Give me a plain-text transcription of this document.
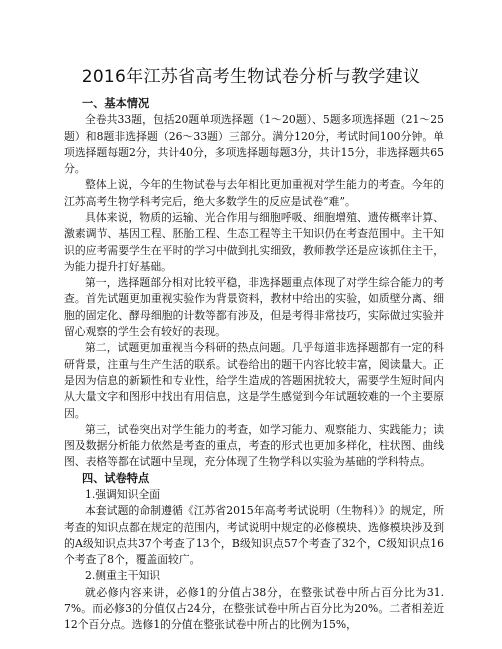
2016年江苏省高考生物试卷分析与教学建议

一、基本情况

全卷共33题，包括20题单项选择题（1～20题）、5题多项选择题（21～25题）和8题非选择题（26～33题）三部分。满分120分，考试时间100分钟。单项选择题每题2分，共计40分，多项选择题每题3分，共计15分，非选择题共65分。

整体上说，今年的生物试卷与去年相比更加重视对学生能力的考查。今年的江苏高考生物学科考完后，绝大多数学生的反应是试卷“难”。

具体来说，物质的运输、光合作用与细胞呼吸、细胞增殖、遗传概率计算、激素调节、基因工程、胚胎工程、生态工程等主干知识仍在考查范围中。主干知识的应考需要学生在平时的学习中做到扎实细致，教师教学还是应该抓住主干，为能力提升打好基础。

第一，选择题部分相对比较平稳，非选择题重点体现了对学生综合能力的考查。首先试题更加重视实验作为背景资料，教材中给出的实验，如质壁分离、细胞的固定化、酵母细胞的计数等都有涉及，但是考得非常技巧，实际做过实验并留心观察的学生会有较好的表现。

第二，试题更加重视当今科研的热点问题。几乎每道非选择题都有一定的科研背景，注重与生产生活的联系。试卷给出的题干内容比较丰富，阅读量大。正是因为信息的新颖性和专业性，给学生造成的答题困扰较大，需要学生短时间内从大量文字和图形中找出有用信息，这是学生感觉到今年试题较难的一个主要原因。

第三，试卷突出对学生能力的考查，如学习能力、观察能力、实践能力；读图及数据分析能力依然是考查的重点，考查的形式也更加多样化，柱状图、曲线图、表格等都在试题中呈现，充分体现了生物学科以实验为基础的学科特点。

四、试卷特点

1.强调知识全面

本套试题的命制遵循《江苏省2015年高考考试说明（生物科）》的规定，所考查的知识点都在规定的范围内，考试说明中规定的必修模块、选修模块涉及到的A级知识点共37个考查了13个，B级知识点57个考查了32个，C级知识点16个考查了8个，覆盖面较广。

2.侧重主干知识

就必修内容来讲，必修1的分值占38分，在整张试卷中所占百分比为31.7%。而必修3的分值仅占24分，在整张试卷中所占百分比为20%。二者相差近12个百分点。选修1的分值在整张试卷中所占的比例为15%，
